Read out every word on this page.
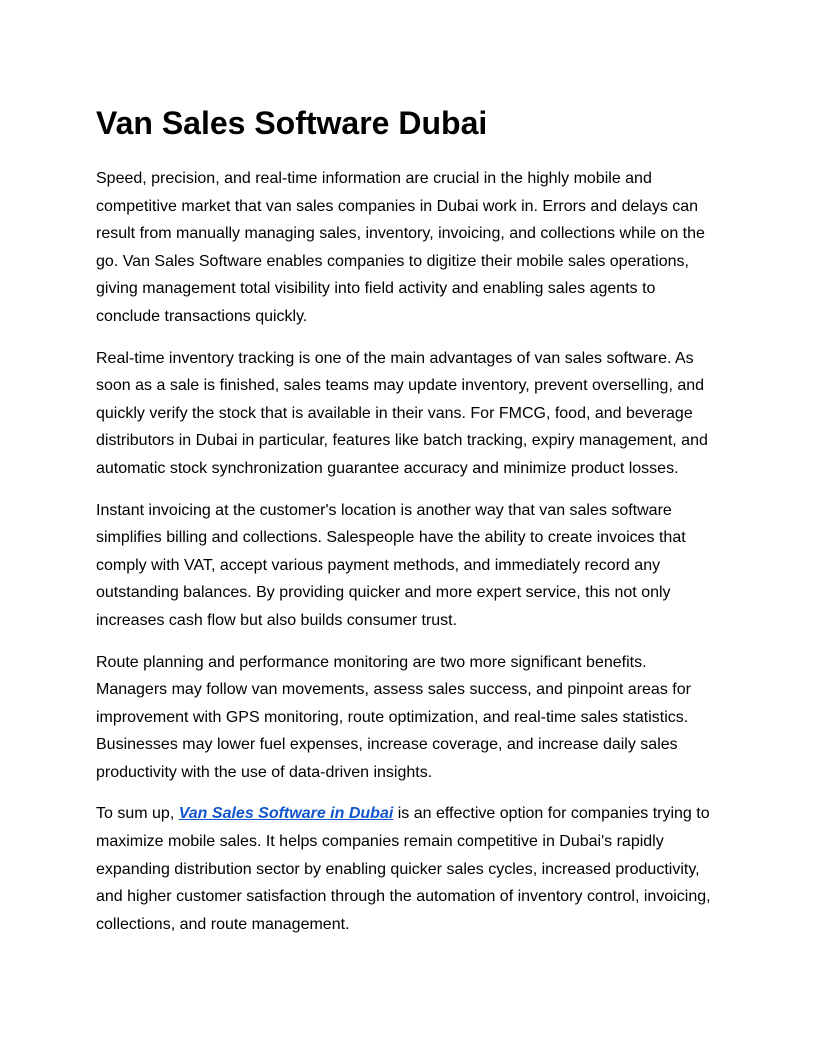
Van Sales Software Dubai

Speed, precision, and real-time information are crucial in the highly mobile and competitive market that van sales companies in Dubai work in. Errors and delays can result from manually managing sales, inventory, invoicing, and collections while on the go. Van Sales Software enables companies to digitize their mobile sales operations, giving management total visibility into field activity and enabling sales agents to conclude transactions quickly.

Real-time inventory tracking is one of the main advantages of van sales software. As soon as a sale is finished, sales teams may update inventory, prevent overselling, and quickly verify the stock that is available in their vans. For FMCG, food, and beverage distributors in Dubai in particular, features like batch tracking, expiry management, and automatic stock synchronization guarantee accuracy and minimize product losses.

Instant invoicing at the customer's location is another way that van sales software simplifies billing and collections. Salespeople have the ability to create invoices that comply with VAT, accept various payment methods, and immediately record any outstanding balances. By providing quicker and more expert service, this not only increases cash flow but also builds consumer trust.

Route planning and performance monitoring are two more significant benefits. Managers may follow van movements, assess sales success, and pinpoint areas for improvement with GPS monitoring, route optimization, and real-time sales statistics. Businesses may lower fuel expenses, increase coverage, and increase daily sales productivity with the use of data-driven insights.

To sum up, Van Sales Software in Dubai is an effective option for companies trying to maximize mobile sales. It helps companies remain competitive in Dubai's rapidly expanding distribution sector by enabling quicker sales cycles, increased productivity, and higher customer satisfaction through the automation of inventory control, invoicing, collections, and route management.
